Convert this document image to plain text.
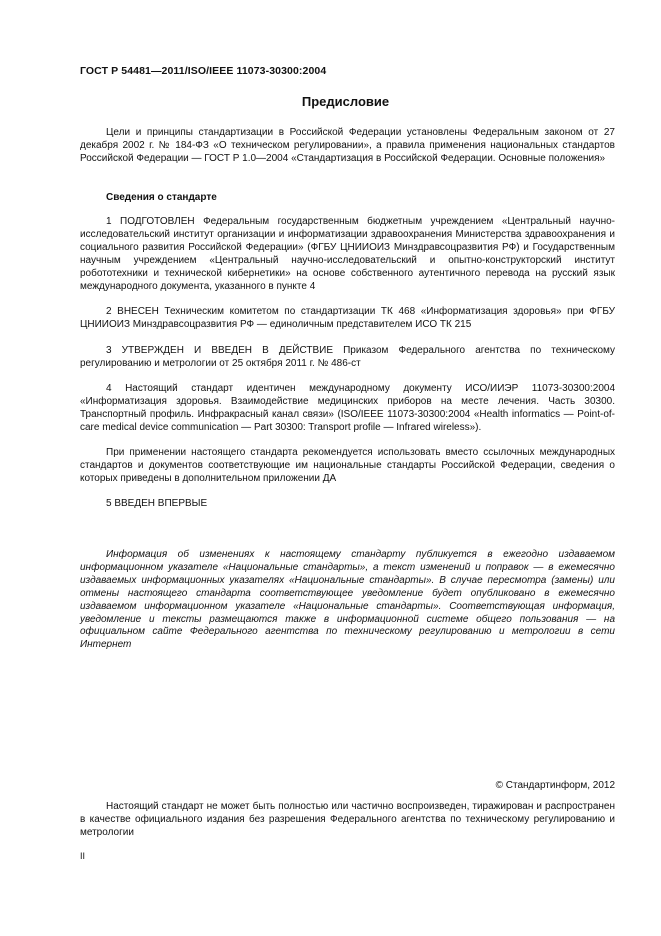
ГОСТ Р 54481—2011/ISO/IEEE 11073-30300:2004
Предисловие
Цели и принципы стандартизации в Российской Федерации установлены Федеральным законом от 27 декабря 2002 г. № 184-ФЗ «О техническом регулировании», а правила применения национальных стандартов Российской Федерации — ГОСТ Р 1.0—2004 «Стандартизация в Российской Федерации. Основные положения»
Сведения о стандарте
1 ПОДГОТОВЛЕН Федеральным государственным бюджетным учреждением «Центральный научно-исследовательский институт организации и информатизации здравоохранения Министерства здравоохранения и социального развития Российской Федерации» (ФГБУ ЦНИИОИЗ Минздравсоцразвития РФ) и Государственным научным учреждением «Центральный научно-исследовательский и опытно-конструкторский институт робототехники и технической кибернетики» на основе собственного аутентичного перевода на русский язык международного документа, указанного в пункте 4
2 ВНЕСЕН Техническим комитетом по стандартизации ТК 468 «Информатизация здоровья» при ФГБУ ЦНИИОИЗ Минздравсоцразвития РФ — единоличным представителем ИСО ТК 215
3 УТВЕРЖДЕН И ВВЕДЕН В ДЕЙСТВИЕ Приказом Федерального агентства по техническому регулированию и метрологии от 25 октября 2011 г. № 486-ст
4 Настоящий стандарт идентичен международному документу ИСО/ИИЭР 11073-30300:2004 «Информатизация здоровья. Взаимодействие медицинских приборов на месте лечения. Часть 30300. Транспортный профиль. Инфракрасный канал связи» (ISO/IEEE 11073-30300:2004 «Health informatics — Point-of-care medical device communication — Part 30300: Transport profile — Infrared wireless»).
При применении настоящего стандарта рекомендуется использовать вместо ссылочных международных стандартов и документов соответствующие им национальные стандарты Российской Федерации, сведения о которых приведены в дополнительном приложении ДА
5 ВВЕДЕН ВПЕРВЫЕ
Информация об изменениях к настоящему стандарту публикуется в ежегодно издаваемом информационном указателе «Национальные стандарты», а текст изменений и поправок — в ежемесячно издаваемых информационных указателях «Национальные стандарты». В случае пересмотра (замены) или отмены настоящего стандарта соответствующее уведомление будет опубликовано в ежемесячно издаваемом информационном указателе «Национальные стандарты». Соответствующая информация, уведомление и тексты размещаются также в информационной системе общего пользования — на официальном сайте Федерального агентства по техническому регулированию и метрологии в сети Интернет
© Стандартинформ, 2012
Настоящий стандарт не может быть полностью или частично воспроизведен, тиражирован и распространен в качестве официального издания без разрешения Федерального агентства по техническому регулированию и метрологии
II
